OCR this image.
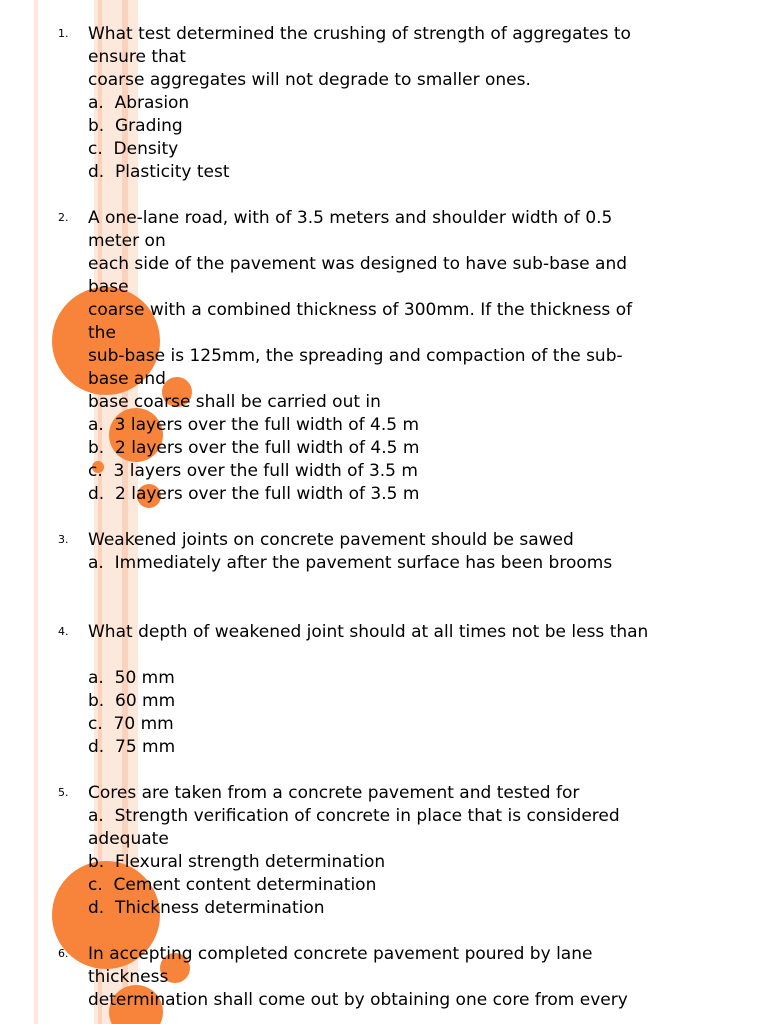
1. What test determined the crushing of strength of aggregates to
ensure that
coarse aggregates will not degrade to smaller ones.
a.  Abrasion
b.  Grading
c.  Density
d.  Plasticity test
2. A one-lane road, with of 3.5 meters and shoulder width of 0.5
meter on
each side of the pavement was designed to have sub-base and
base
coarse with a combined thickness of 300mm. If the thickness of
the
sub-base is 125mm, the spreading and compaction of the sub-
base and
base coarse shall be carried out in
a.  3 layers over the full width of 4.5 m
b.  2 layers over the full width of 4.5 m
c.  3 layers over the full width of 3.5 m
d.  2 layers over the full width of 3.5 m
3. Weakened joints on concrete pavement should be sawed
a.  Immediately after the pavement surface has been brooms

4. What depth of weakened joint should at all times not be less than

a.  50 mm
b.  60 mm
c.  70 mm
d.  75 mm
5. Cores are taken from a concrete pavement and tested for
a.  Strength verification of concrete in place that is considered
adequate
b.  Flexural strength determination
c.  Cement content determination
d.  Thickness determination
6. In accepting completed concrete pavement poured by lane
thickness
determination shall come out by obtaining one core from every
